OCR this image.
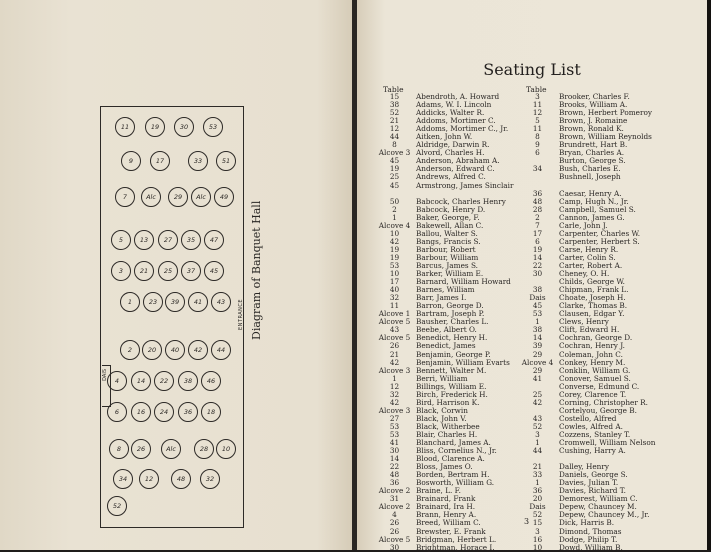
DAIS
11	19	30	53
9	17	33	51
7	Alc	29	Alc	49
5	13	27	35	47
3	21	25	37	45
1	23	39	41	43
2	20	40	42	44
4	14	22	38	46
6	16	24	36	18
8	26	Alc	28	10
34	12	48	32
52
ENTRANCE Diagram of Banquet Hall
Seating List
Table	Table
15	Abendroth, A. Howard
38	Adams, W. I. Lincoln
52	Addicks, Walter R.
21	Addoms, Mortimer C.
12	Addoms, Mortimer C., Jr.
44	Aitken, John W.
8	Aldridge, Darwin R.
Alcove 3 Alvord, Charles H.
45	Anderson, Abraham A.
19	Anderson, Edward C.
25	Andrews, Alfred C.
45	Armstrong, James Sinclair
50	Babcock, Charles Henry
2	Babcock, Henry D.
1	Baker, George, F.
Alcove 4 Bakewell, Allan C.
10	Ballou, Walter S.
42	Bangs, Francis S.
19	Barbour, Robert
19	Barbour, William
53	Barcus, James S.
10	Barker, William E.
17	Barnard, William Howard
40	Barnes, William
32	Barr, James I.
11	Barron, George D.
Alcove 1 Bartram, Joseph P.
Alcove 5 Bausher, Charles L.
43	Beebe, Albert O.
Alcove 5 Benedict, Henry H.
26	Benedict, James
21	Benjamin, George P.
42	Benjamin, William Evarts
Alcove 3 Bennett, Walter M.
1	Berri, William
12	Billings, William E.
32	Birch, Frederick H.
42	Bird, Harrison K.
Alcove 3 Black, Corwin
27	Black, John V.
53	Black, Witherbee
53	Blair, Charles H.
41	Blanchard, James A.
30	Bliss, Cornelius N., Jr.
14	Blood, Clarence A.
22	Bloss, James O.
48	Borden, Bertram H.
36	Bosworth, William G.
Alcove 2 Braine, L. F.
31	Brainard, Frank
Alcove 2 Brainard, Ira H.
4	Brann, Henry A.
26	Breed, William C.
26	Brewster, E. Frank
Alcove 5 Bridgman, Herbert L.
30	Brightman, Horace I.
3	Brooker, Charles F.
11	Brooks, William A.
12	Brown, Herbert Pomeroy
5	Brown, J. Romaine
11	Brown, Ronald K.
8	Brown, William Reynolds
9	Brundrett, Hart B.
6	Bryan, Charles A.
Burton, George S.
34	Bush, Charles E.
Bushnell, Joseph
36	Caesar, Henry A.
48	Camp, Hugh N., Jr.
28	Campbell, Samuel S.
2	Cannon, James G.
7	Carle, John J.
17	Carpenter, Charles W.
6	Carpenter, Herbert S.
19	Carse, Henry R.
14	Carter, Colin S.
22	Carter, Robert A.
30	Cheney, O. H.
Childs, George W.
38	Chipman, Frank L.
Dais	Choate, Joseph H.
45	Clarke, Thomas B.
53	Clausen, Edgar Y.
1	Clews, Henry
38	Clift, Edward H.
14	Cochran, George D.
39	Cochran, Henry J.
29	Coleman, John C.
Alcove 4 Conkey, Henry M.
29	Conklin, William G.
41	Conover, Samuel S.
Converse, Edmund C.
25	Corey, Clarence T.
42	Corning, Christopher R.
Cortelyou, George B.
43	Costello, Alfred
52	Cowles, Alfred A.
3	Cozzens, Stanley T.
1	Cromwell, William Nelson
44	Cushing, Harry A.
21	Dalley, Henry
33	Daniels, George S.
1	Davies, Julian T.
36	Davies, Richard T.
20	Demorest, William C.
Dais	Depew, Chauncey M.
52	Depew, Chauncey M., Jr.
15	Dick, Harris B.
3	Dimond, Thomas
16	Dodge, Philip T.
10	Dowd, William B.
3
